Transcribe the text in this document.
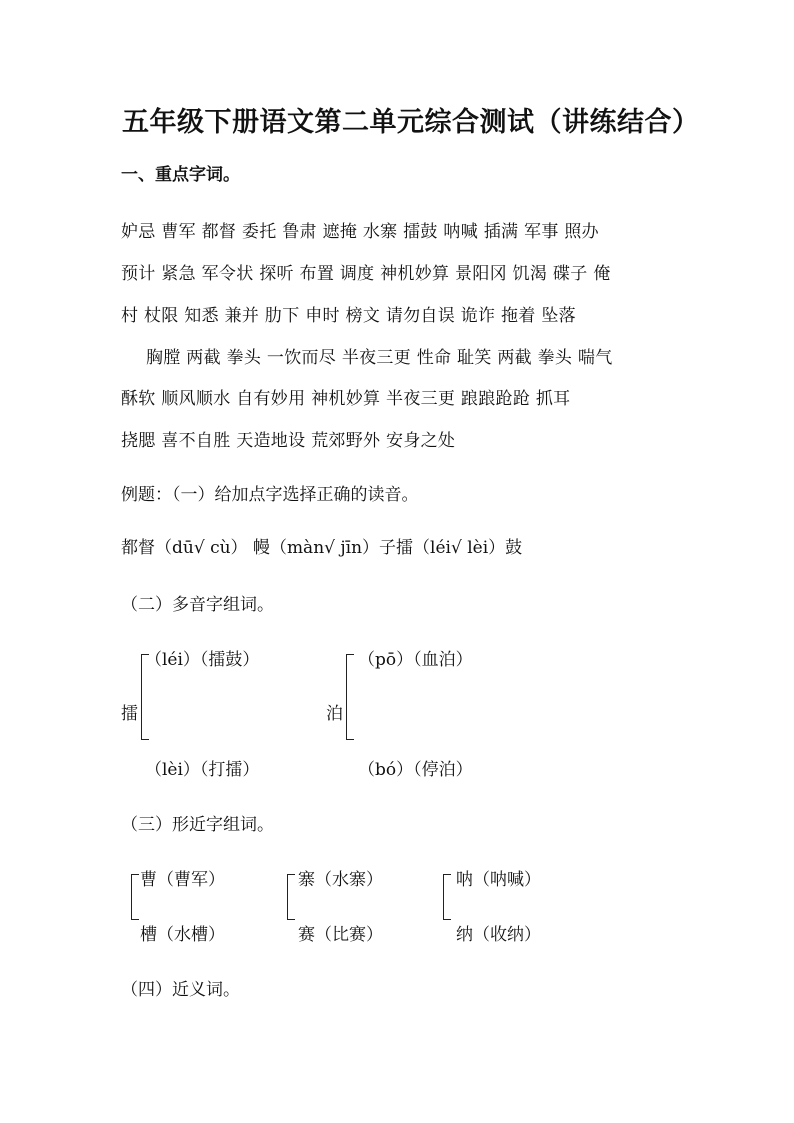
五年级下册语文第二单元综合测试（讲练结合）
一、重点字词。
妒忌 曹军 都督 委托 鲁肃 遮掩 水寨 擂鼓 呐喊 插满 军事 照办
预计 紧急 军令状 探听 布置 调度 神机妙算 景阳冈 饥渴 碟子 俺
村 杖限 知悉 兼并 肋下 申时 榜文 请勿自误 诡诈 拖着 坠落
胸膛 两截 拳头 一饮而尽 半夜三更 性命 耻笑 两截 拳头 喘气
酥软 顺风顺水 自有妙用 神机妙算 半夜三更 踉踉跄跄 抓耳
挠腮 喜不自胜 天造地设 荒郊野外 安身之处
例题：（一）给加点字选择正确的读音。
都督（dū√ cù） 幔（màn√ jīn）子擂（léi√ lèi）鼓
（二）多音字组词。
（léi）（擂鼓）
擂
（lèi）（打擂）
（pō）（血泊）
泊
（bó）（停泊）
（三）形近字组词。
曹（曹军）
槽（水槽）
寨（水寨）
赛（比赛）
呐（呐喊）
纳（收纳）
（四）近义词。
